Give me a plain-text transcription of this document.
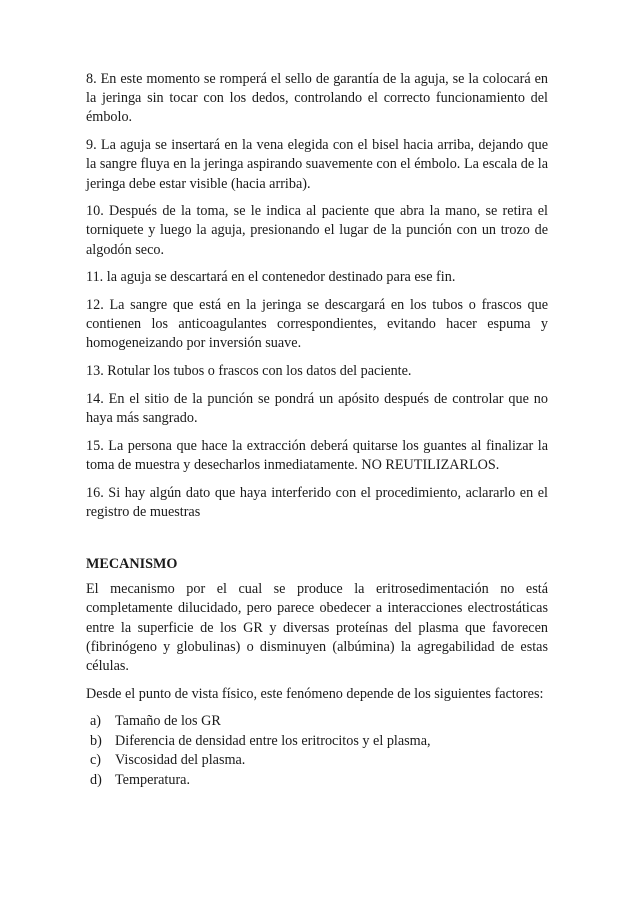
8. En este momento se romperá el sello de garantía de la aguja, se la colocará en la jeringa sin tocar con los dedos, controlando el correcto funcionamiento del émbolo.

9. La aguja se insertará en la vena elegida con el bisel hacia arriba, dejando que la sangre fluya en la jeringa aspirando suavemente con el émbolo. La escala de la jeringa debe estar visible (hacia arriba).

10. Después de la toma, se le indica al paciente que abra la mano, se retira el torniquete y luego la aguja, presionando el lugar de la punción con un trozo de algodón seco.

11. la aguja se descartará en el contenedor destinado para ese fin.

12. La sangre que está en la jeringa se descargará en los tubos o frascos que contienen los anticoagulantes correspondientes, evitando hacer espuma y homogeneizando por inversión suave.

13. Rotular los tubos o frascos con los datos del paciente.

14. En el sitio de la punción se pondrá un apósito después de controlar que no haya más sangrado.

15. La persona que hace la extracción deberá quitarse los guantes al finalizar la toma de muestra y desecharlos inmediatamente. NO REUTILIZARLOS.

16. Si hay algún dato que haya interferido con el procedimiento, aclararlo en el registro de muestras

MECANISMO

El mecanismo por el cual se produce la eritrosedimentación no está completamente dilucidado, pero parece obedecer a interacciones electrostáticas entre la superficie de los GR y diversas proteínas del plasma que favorecen (fibrinógeno y globulinas) o disminuyen (albúmina) la agregabilidad de estas células.

Desde el punto de vista físico, este fenómeno depende de los siguientes factores:

a) Tamaño de los GR
b) Diferencia de densidad entre los eritrocitos y el plasma,
c) Viscosidad del plasma.
d) Temperatura.
